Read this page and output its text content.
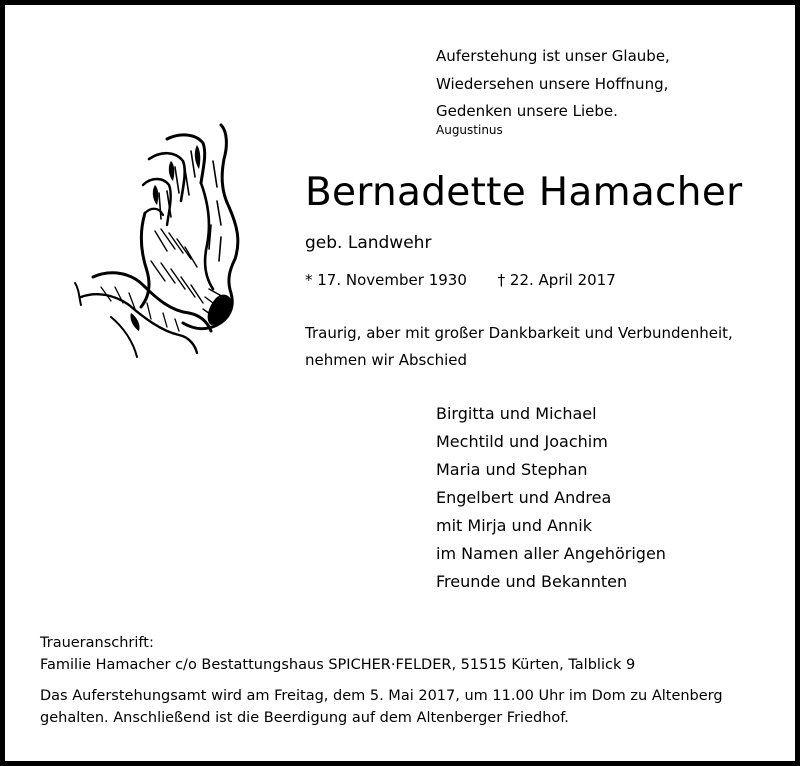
Auferstehung ist unser Glaube,
Wiedersehen unsere Hoffnung,
Gedenken unsere Liebe.
Augustinus
Bernadette Hamacher
geb. Landwehr
* 17. November 1930 † 22. April 2017
Traurig, aber mit großer Dankbarkeit und Verbundenheit,
nehmen wir Abschied
Birgitta und Michael
Mechtild und Joachim
Maria und Stephan
Engelbert und Andrea
mit Mirja und Annik
im Namen aller Angehörigen
Freunde und Bekannten
Traueranschrift:
Familie Hamacher c/o Bestattungshaus SPICHER·FELDER, 51515 Kürten, Talblick 9
Das Auferstehungsamt wird am Freitag, dem 5. Mai 2017, um 11.00 Uhr im Dom zu Altenberg
gehalten. Anschließend ist die Beerdigung auf dem Altenberger Friedhof.
